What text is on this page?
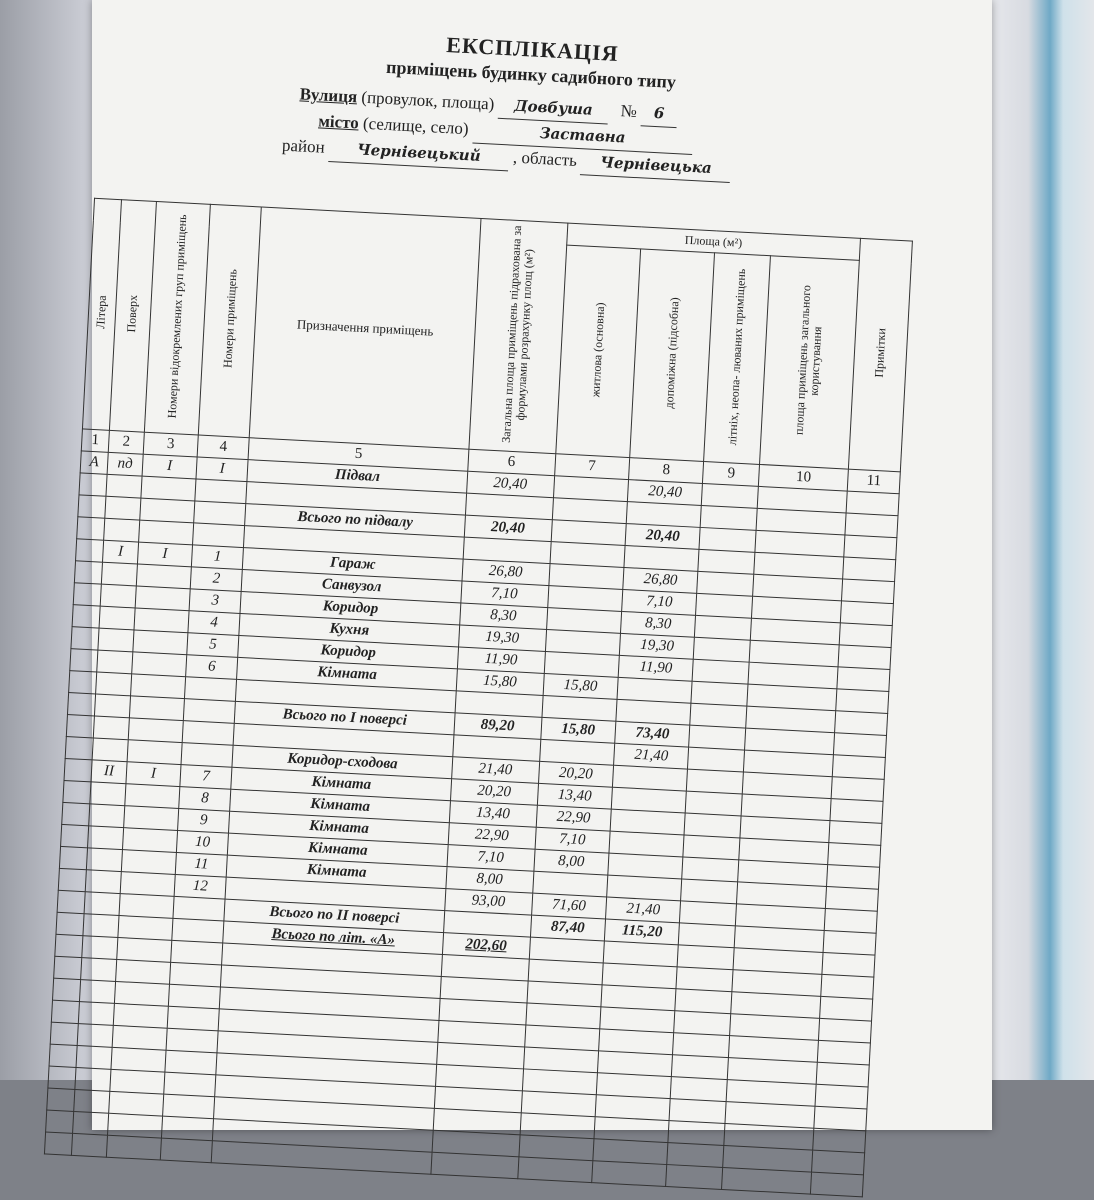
ЕКСПЛІКАЦІЯ
приміщень будинку садибного типу
Вулиця (провулок, площа) Довбуша № 6
місто (селище, село)	Заставна
район Чернівецький , область Чернівецька
Літера	Поверх	Номери відокремлених груп приміщень	Номери приміщень	Призначення приміщень	Загальна площа приміщень підрахована за формулами розрахунку площ (м²)	Площа (м²)				Примітки
						житлова (основна)	допоміжна (підсобна)	літніх, неопа- люваних приміщень	площа приміщень загального користування	
1	2	3	4	5	6	7	8	9	10	11
А	пд	I	I	Підвал	20,40		20,40			

				Всього по підвалу	20,40		20,40			

	I	I	1	Гараж	26,80		26,80			
			2	Санвузол	7,10		7,10			
			3	Коридор	8,30		8,30			
			4	Кухня	19,30		19,30			
			5	Коридор	11,90		11,90			
			6	Кімната	15,80	15,80				

				Всього по I поверсі	89,20	15,80	73,40			
							21,40			
				Коридор-сходова	21,40	20,20				
	II	I	7	Кімната	20,20	13,40				
			8	Кімната	13,40	22,90				
			9	Кімната	22,90	7,10				
			10	Кімната	7,10	8,00				
			11	Кімната	8,00					
			12		93,00	71,60	21,40			
				Всього по II поверсі		87,40	115,20			
				Всього по літ. «А»	202,60					
